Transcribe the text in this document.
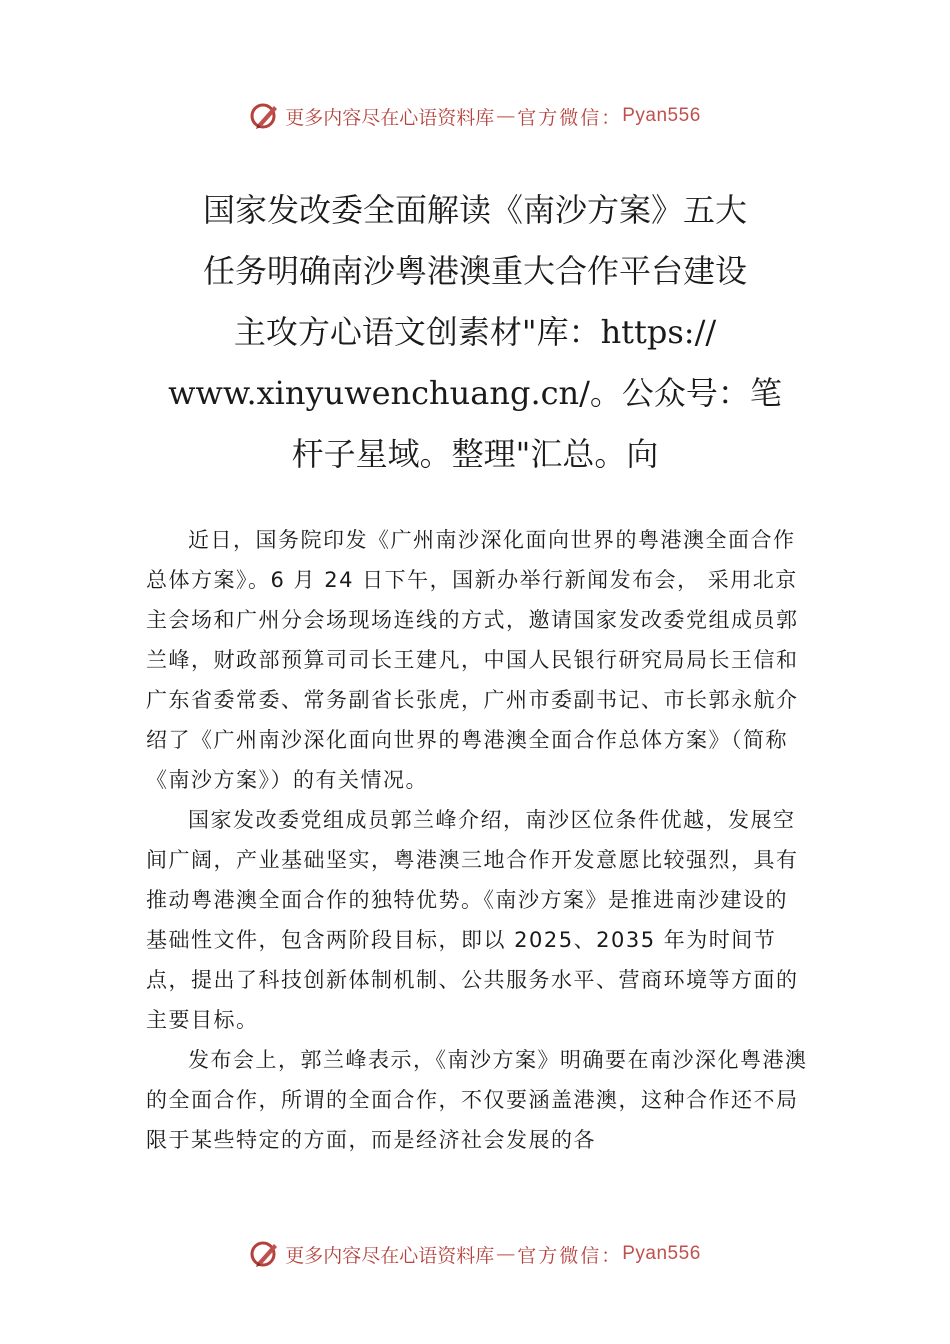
更多内容尽在心语资料库 — 官方微信： Pyan556
国家发改委全面解读《南沙方案》五大
任务明确南沙粤港澳重大合作平台建设
主攻方心语文创素材"库：https://
www.xinyuwenchuang.cn/。公众号：笔
杆子星域。整理"汇总。向

近日，国务院印发《广州南沙深化面向世界的粤港澳全面合作总体方案》。6 月 24 日下午，国新办举行新闻发布会， 采用北京主会场和广州分会场现场连线的方式，邀请国家发改委党组成员郭兰峰，财政部预算司司长王建凡，中国人民银行研究局局长王信和广东省委常委、常务副省长张虎，广州市委副书记、市长郭永航介绍了《广州南沙深化面向世界的粤港澳全面合作总体方案》（简称《南沙方案》）的有关情况。

国家发改委党组成员郭兰峰介绍，南沙区位条件优越，发展空间广阔，产业基础坚实，粤港澳三地合作开发意愿比较强烈，具有推动粤港澳全面合作的独特优势。《南沙方案》是推进南沙建设的基础性文件，包含两阶段目标，即以 2025、2035 年为时间节点，提出了科技创新体制机制、公共服务水平、营商环境等方面的主要目标。

发布会上，郭兰峰表示，《南沙方案》明确要在南沙深化粤港澳的全面合作，所谓的全面合作，不仅要涵盖港澳，这种合作还不局限于某些特定的方面，而是经济社会发展的各

更多内容尽在心语资料库 — 官方微信： Pyan556
